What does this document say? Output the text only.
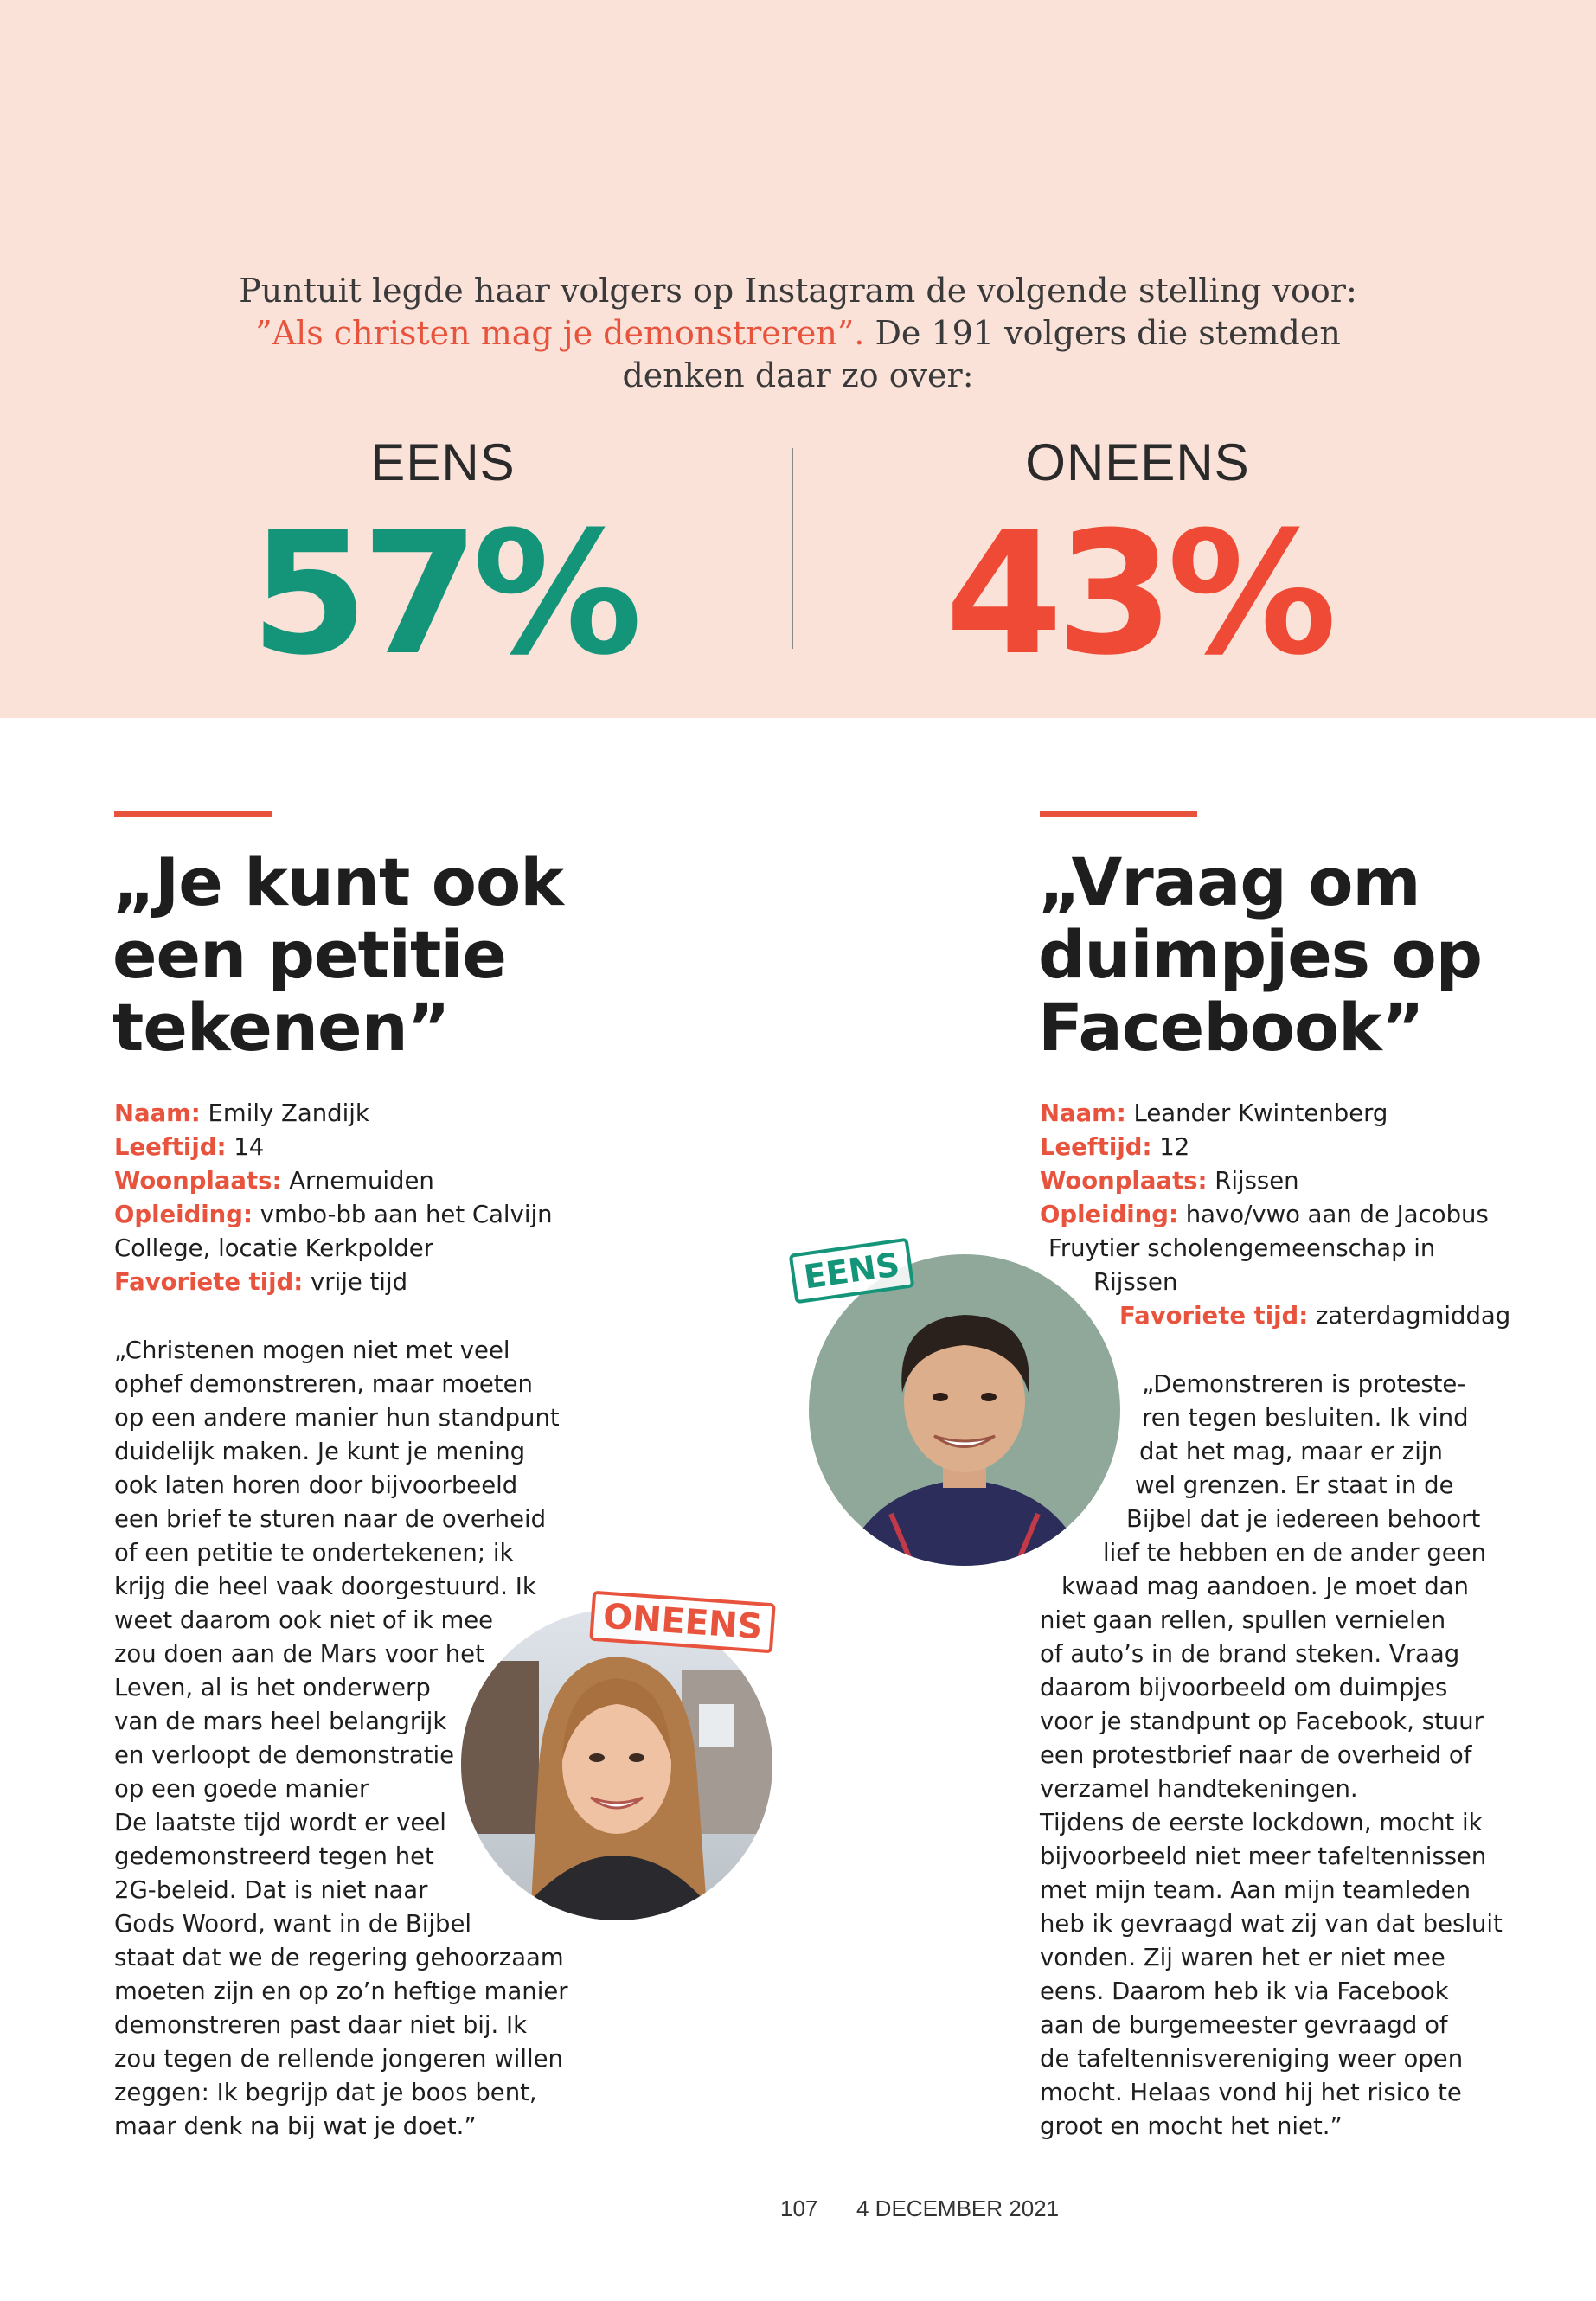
Puntuit legde haar volgers op Instagram de volgende stelling voor:
”Als christen mag je demonstreren”. De 191 volgers die stemden
denken daar zo over:
EENS
57%
ONEENS
43%
„Je kunt ook
een petitie
tekenen”
Naam: Emily Zandijk
Leeftijd: 14
Woonplaats: Arnemuiden
Opleiding: vmbo-bb aan het Calvijn
College, locatie Kerkpolder
Favoriete tijd: vrije tijd
„Christenen mogen niet met veel
ophef demonstreren, maar moeten
op een andere manier hun standpunt
duidelijk maken. Je kunt je mening
ook laten horen door bijvoorbeeld
een brief te sturen naar de overheid
of een petitie te ondertekenen; ik
krijg die heel vaak doorgestuurd. Ik
weet daarom ook niet of ik mee
zou doen aan de Mars voor het
Leven, al is het onderwerp
van de mars heel belangrijk
en verloopt de demonstratie
op een goede manier
De laatste tijd wordt er veel
gedemonstreerd tegen het
2G-beleid. Dat is niet naar
Gods Woord, want in de Bijbel
staat dat we de regering gehoorzaam
moeten zijn en op zo’n heftige manier
demonstreren past daar niet bij. Ik
zou tegen de rellende jongeren willen
zeggen: Ik begrijp dat je boos bent,
maar denk na bij wat je doet.”
ONEENS
„Vraag om
duimpjes op
Facebook”
Naam: Leander Kwintenberg
Leeftijd: 12
Woonplaats: Rijssen
Opleiding: havo/vwo aan de Jacobus
Fruytier scholengemeenschap in
Rijssen
Favoriete tijd: zaterdagmiddag
„Demonstreren is proteste-
ren tegen besluiten. Ik vind
dat het mag, maar er zijn
wel grenzen. Er staat in de
Bijbel dat je iedereen behoort
lief te hebben en de ander geen
kwaad mag aandoen. Je moet dan
niet gaan rellen, spullen vernielen
of auto’s in de brand steken. Vraag
daarom bijvoorbeeld om duimpjes
voor je standpunt op Facebook, stuur
een protestbrief naar de overheid of
verzamel handtekeningen.
Tijdens de eerste lockdown, mocht ik
bijvoorbeeld niet meer tafeltennissen
met mijn team. Aan mijn teamleden
heb ik gevraagd wat zij van dat besluit
vonden. Zij waren het er niet mee
eens. Daarom heb ik via Facebook
aan de burgemeester gevraagd of
de tafeltennisvereniging weer open
mocht. Helaas vond hij het risico te
groot en mocht het niet.”
EENS
107 4 DECEMBER 2021
